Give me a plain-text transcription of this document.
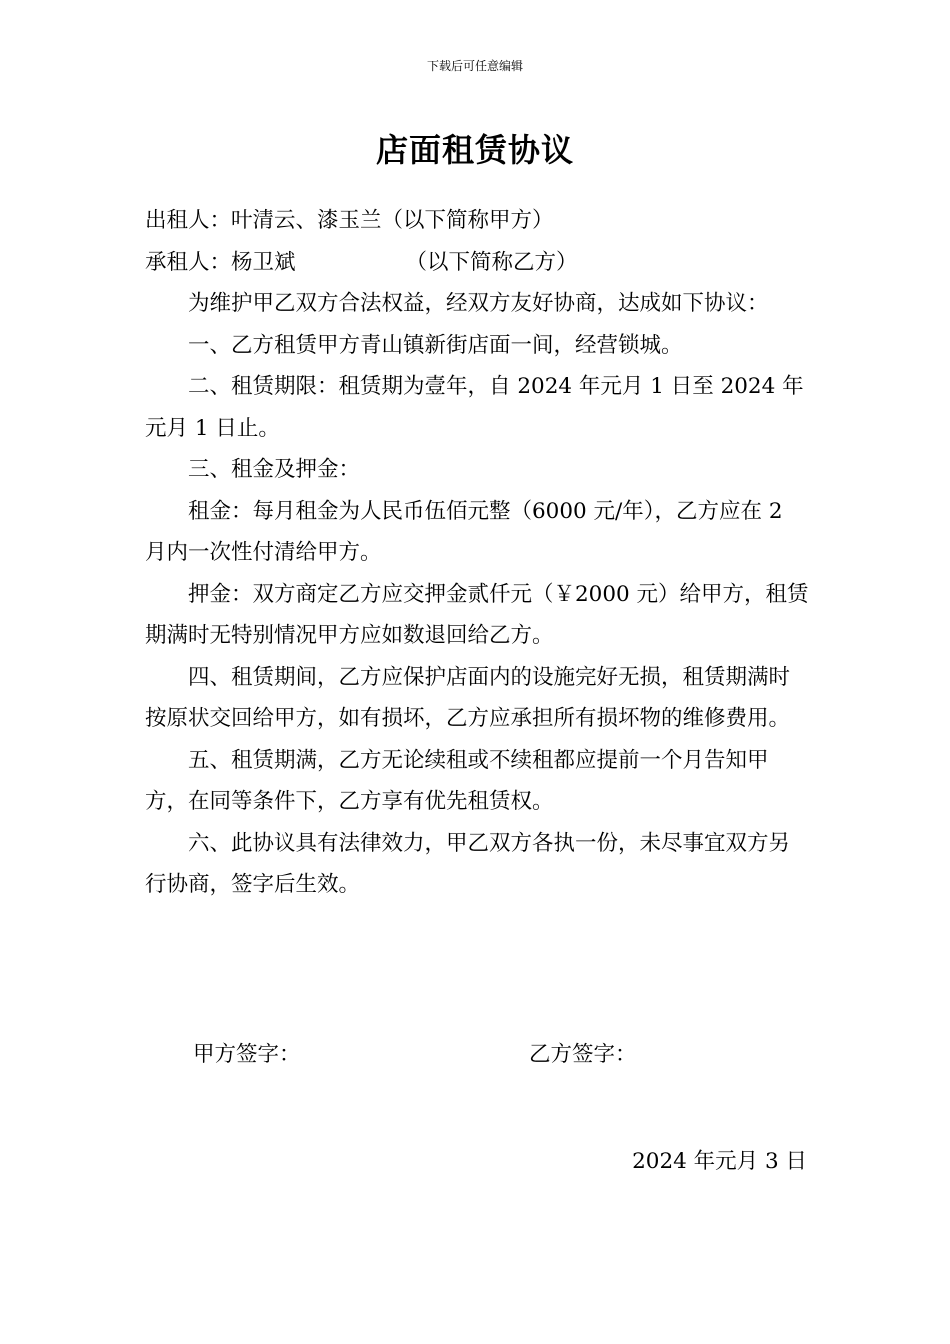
下载后可任意编辑
店面租赁协议

出租人：叶清云、漆玉兰（以下简称甲方）

承租人：杨卫斌	（以下简称乙方）

为维护甲乙双方合法权益，经双方友好协商，达成如下协议：

一、乙方租赁甲方青山镇新街店面一间，经营锁城。

二、租赁期限：租赁期为壹年，自 2024 年元月 1 日至 2024 年元月 1 日止。

三、租金及押金：

租金：每月租金为人民币伍佰元整（6000 元/年），乙方应在 2 月内一次性付清给甲方。

押金：双方商定乙方应交押金贰仟元（￥2000 元）给甲方，租赁期满时无特别情况甲方应如数退回给乙方。

四、租赁期间，乙方应保护店面内的设施完好无损，租赁期满时按原状交回给甲方，如有损坏，乙方应承担所有损坏物的维修费用。

五、租赁期满，乙方无论续租或不续租都应提前一个月告知甲方，在同等条件下，乙方享有优先租赁权。

六、此协议具有法律效力，甲乙双方各执一份，未尽事宜双方另行协商，签字后生效。

甲方签字：	乙方签字：
2024 年元月 3 日
